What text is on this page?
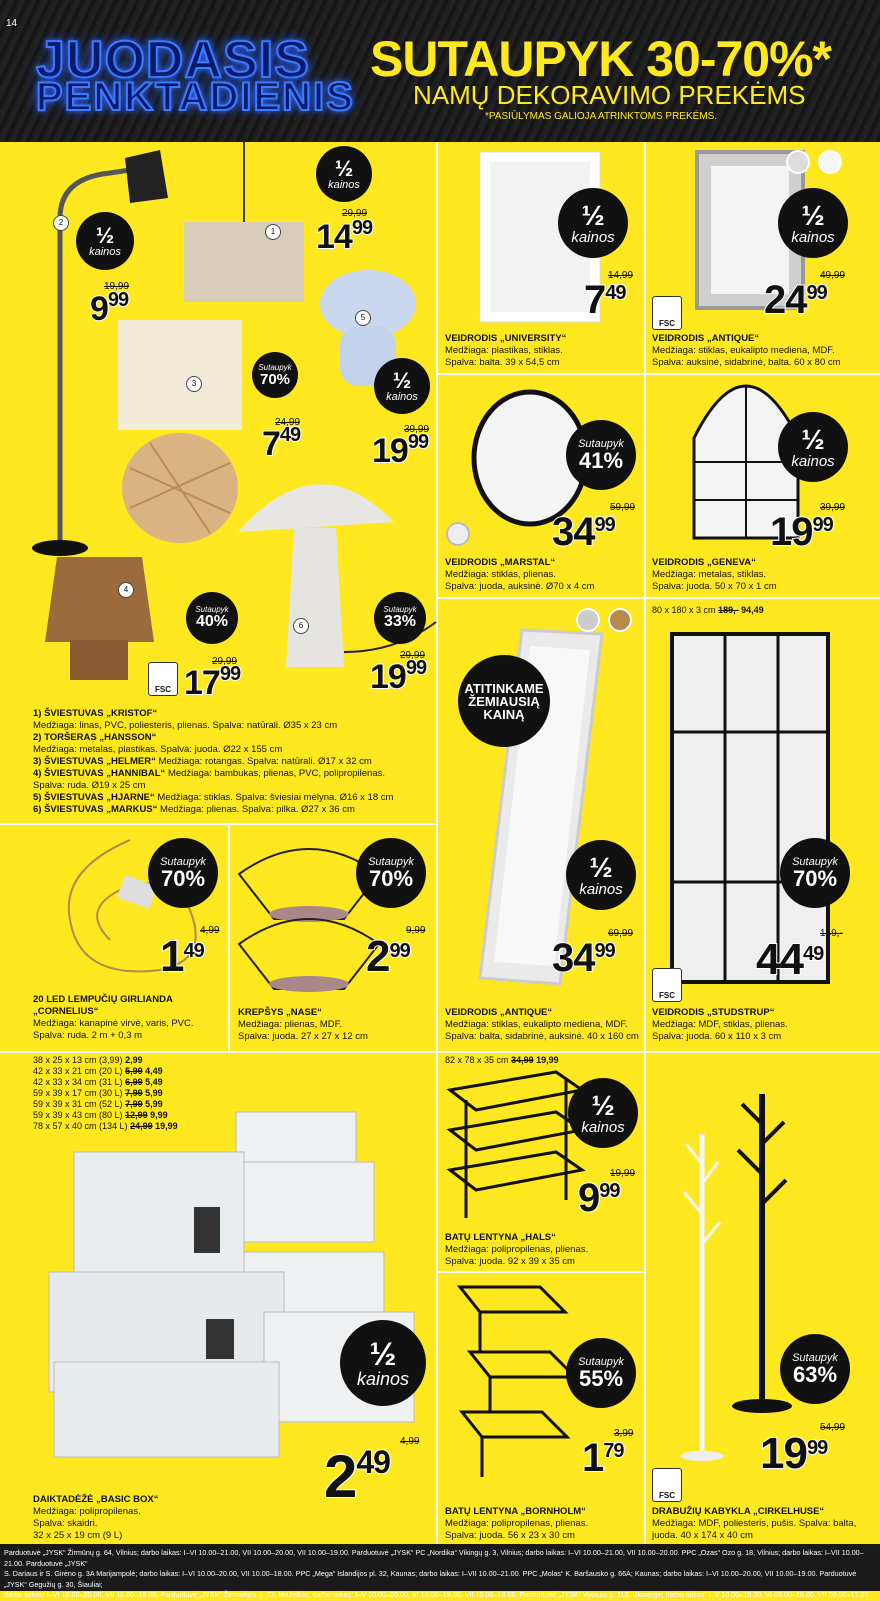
14
JUODASIS
PENKTADIENIS
SUTAUPYK 30-70%*
NAMŲ DEKORAVIMO PREKĖMS
*PASIŪLYMAS GALIOJA ATRINKTOMS PREKĖMS.
1
2
3
4
5
6
½
kainos
½
kainos
Sutaupyk
70%	½
kainos
Sutaupyk
40%
Sutaupyk
33%
29,99
$14^{99}$
19,99
$9^{99}$
24,99
$7^{49}$	39,99
$19^{99}$
29,99
$17^{99}$
29,99
$19^{99}$
FSC
1) ŠVIESTUVAS „KRISTOF“
Medžiaga: linas, PVC, poliesteris, plienas. Spalva: natūrali. Ø35 x 23 cm
2) TORŠERAS „HANSSON“
Medžiaga: metalas, plastikas. Spalva: juoda. Ø22 x 155 cm
3) ŠVIESTUVAS „HELMER“ Medžiaga: rotangas. Spalva: natūrali. Ø17 x 32 cm
4) ŠVIESTUVAS „HANNIBAL“ Medžiaga: bambukas, plienas, PVC, polipropilenas.
Spalva: ruda. Ø19 x 25 cm
5) ŠVIESTUVAS „HJARNE“ Medžiaga: stiklas. Spalva: šviesiai mėlyna. Ø16 x 18 cm
6) ŠVIESTUVAS „MARKUS“ Medžiaga: plienas. Spalva: pilka. Ø27 x 36 cm
½
kainos
14,99
$7^{49}$
VEIDRODIS „UNIVERSITY“
Medžiaga: plastikas, stiklas.
Spalva: balta. 39 x 54,5 cm
½
kainos
49,99
$24^{99}$
FSC
VEIDRODIS „ANTIQUE“
Medžiaga: stiklas, eukalipto mediena, MDF.
Spalva: auksinė, sidabrinė, balta. 60 x 80 cm
Sutaupyk
41%
59,99
$34^{99}$
VEIDRODIS „MARSTAL“
Medžiaga: stiklas, plienas.
Spalva: juoda, auksinė. Ø70 x 4 cm
½
kainos
39,99
$19^{99}$
VEIDRODIS „GENEVA“
Medžiaga: metalas, stiklas.
Spalva: juoda. 50 x 70 x 1 cm
ATITINKAME
ŽEMIAUSIĄ
KAINĄ
½
kainos
69,99
$34^{99}$
VEIDRODIS „ANTIQUE“
Medžiaga: stiklas, eukalipto mediena, MDF.
Spalva: balta, sidabrinė, auksinė. 40 x 160 cm
80 x 180 x 3 cm 189,- 94,49
Sutaupyk
70%
149,-
$44^{49}$
FSC
VEIDRODIS „STUDSTRUP“
Medžiaga: MDF, stiklas, plienas.
Spalva: juoda. 60 x 110 x 3 cm
Sutaupyk
70%
4,99
$1^{49}$
20 LED LEMPUČIŲ GIRLIANDA
„CORNELIUS“
Medžiaga: kanapinė virvė, varis, PVC.
Spalva: ruda. 2 m + 0,3 m
Sutaupyk
70%
9,99
$2^{99}$
KREPŠYS „NASE“
Medžiaga: plienas, MDF.
Spalva: juoda. 27 x 27 x 12 cm
38 x 25 x 13 cm (3,99) 2,99
42 x 33 x 21 cm (20 L) 5,99 4,49
42 x 33 x 34 cm (31 L) 6,99 5,49
59 x 39 x 17 cm (30 L) 7,99 5,99
59 x 39 x 31 cm (52 L) 7,99 5,99
59 x 39 x 43 cm (80 L) 12,99 9,99
78 x 57 x 40 cm (134 L) 24,99 19,99
½
kainos
4,99
$2^{49}$
DAIKTADĖŽĖ „BASIC BOX“
Medžiaga: polipropilenas.
Spalva: skaidri.
32 x 25 x 19 cm (9 L)
82 x 78 x 35 cm 34,99 19,99
½
kainos
19,99
$9^{99}$
BATŲ LENTYNA „HALS“
Medžiaga: polipropilenas, plienas.
Spalva: juoda. 92 x 39 x 35 cm
Sutaupyk
55%
3,99
$1^{79}$
BATŲ LENTYNA „BORNHOLM“
Medžiaga: polipropilenas, plienas.
Spalva: juoda. 56 x 23 x 30 cm
Sutaupyk
63%
54,99
$19^{99}$
FSC
DRABUŽIŲ KABYKLA „CIRKELHUSE“
Medžiaga: MDF, poliesteris, pušis. Spalva: balta,
juoda. 40 x 174 x 40 cm
Parduotuvė „JYSK“ Žirmūnų g. 64, Vilnius; darbo laikas: I–VI 10.00–21.00, VII 10.00–20.00, VII 10.00–19.00. Parduotuvė „JYSK“ PC „Nordika“ Vikingų g. 3, Vilnius; darbo laikas: I–VI 10.00–21.00, VII 10.00–20.00. PPC „Ozas“ Ozo g. 18, Vilnius; darbo laikas: I–VII 10.00–21.00. Parduotuvė „JYSK“
S. Dariaus ir S. Girėno g. 3A Marijampolė; darbo laikas: I–VI 10.00–20.00, VII 10.00–18.00. PPC „Mega“ Islandijos pl. 32, Kaunas; darbo laikas: I–VII 10.00–21.00. PPC „Molas“ K. Baršausko g. 66A; Kaunas; darbo laikas: I–VI 10.00–20.00, VII 10.00–19.00. Parduotuvė „JYSK“ Gegužių g. 30, Šiauliai;
darbo laikas: I–VI 10.00–20.00, VII 10.00–19.00. Parduotuvė „JYSK“ Žemaitijos g. 72, Mažeikiai; darbo laikas: I–V 10.00–20.00, VI 10.00–19.00, VII 10.00–18.00. Parduotuvė „JYSK“ Vytauto g. 113, Ukmergė; darbo laikas: I–V 10.00–19.00, VI 09.00–18.00, VII 09.00–17.00.
